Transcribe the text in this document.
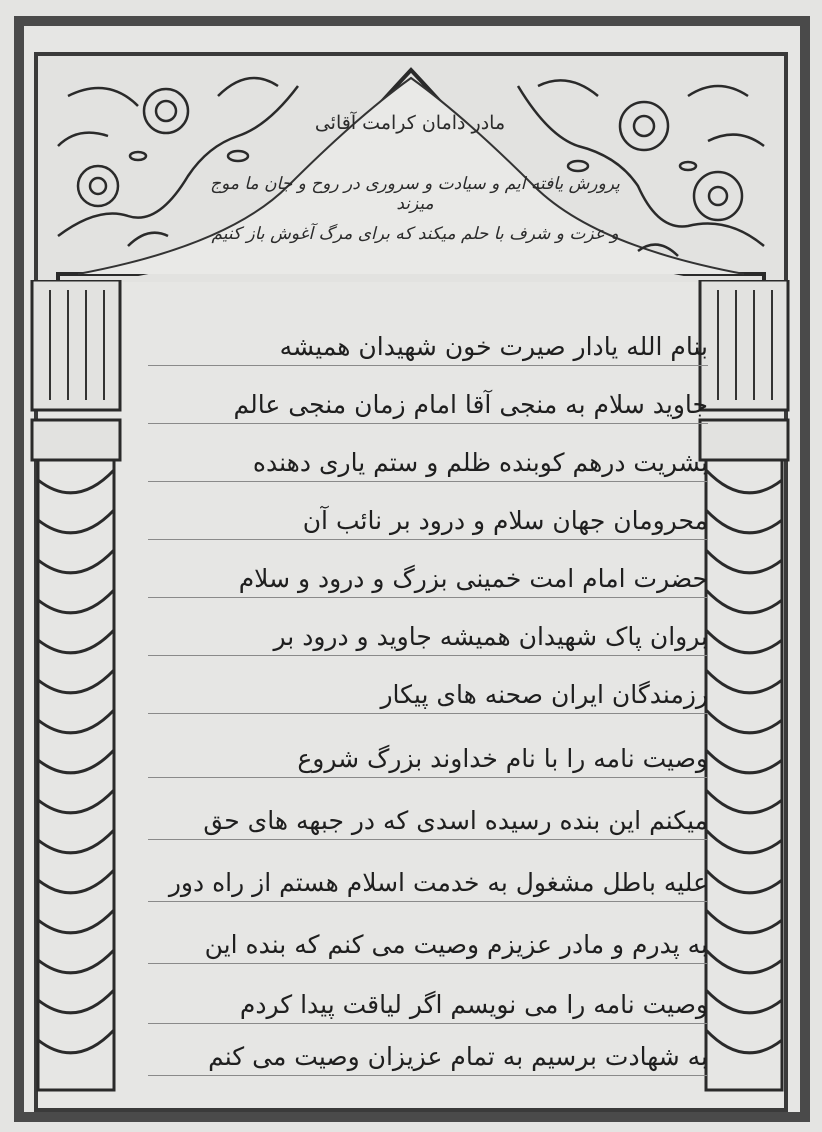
مادر دامان کرامت آقائی
پرورش یافته ایم و سیادت و سروری در روح و جان ما موج میزند
و عزت و شرف با حلم میکند که برای مرگ آغوش باز کنیم
بنام الله یادار صیرت خون شهیدان همیشه
جاوید سلام به منجی آقا امام زمان منجی عالم
بشریت درهم کوبنده ظلم و ستم یاری دهنده
محرومان جهان سلام و درود بر نائب آن
حضرت امام امت خمینی بزرگ و درود و سلام
بروان پاک شهیدان همیشه جاوید و درود بر
رزمندگان ایران صحنه های پیکار
وصیت نامه را با نام خداوند بزرگ شروع
میکنم این بنده رسیده اسدی که در جبهه های حق
علیه باطل مشغول به خدمت اسلام هستم از راه دور
به پدرم و مادر عزیزم وصیت می کنم که بنده این
وصیت نامه را می نویسم اگر لیاقت پیدا کردم
به شهادت برسیم به تمام عزیزان وصیت می کنم
